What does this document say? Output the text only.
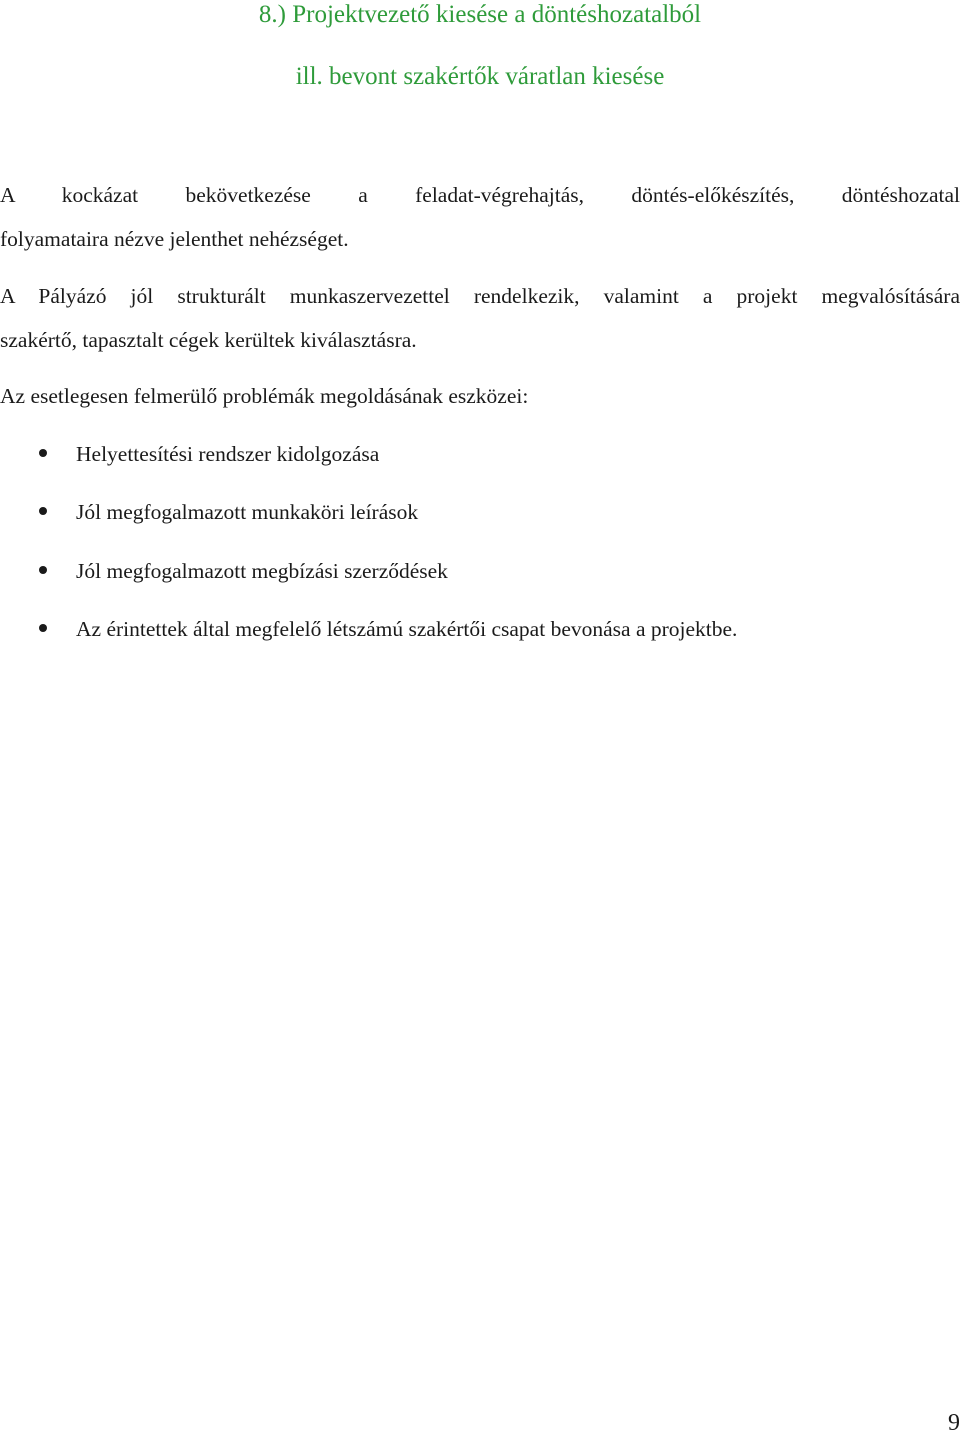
8.) Projektvezető kiesése a döntéshozatalból
ill. bevont szakértők váratlan kiesése
A kockázat bekövetkezése a feladat-végrehajtás, döntés-előkészítés, döntéshozatal
folyamataira nézve jelenthet nehézséget.
A Pályázó jól strukturált munkaszervezettel rendelkezik, valamint a projekt megvalósítására
szakértő, tapasztalt cégek kerültek kiválasztásra.
Az esetlegesen felmerülő problémák megoldásának eszközei:
Helyettesítési rendszer kidolgozása
Jól megfogalmazott munkaköri leírások
Jól megfogalmazott megbízási szerződések
Az érintettek által megfelelő létszámú szakértői csapat bevonása a projektbe.
9
